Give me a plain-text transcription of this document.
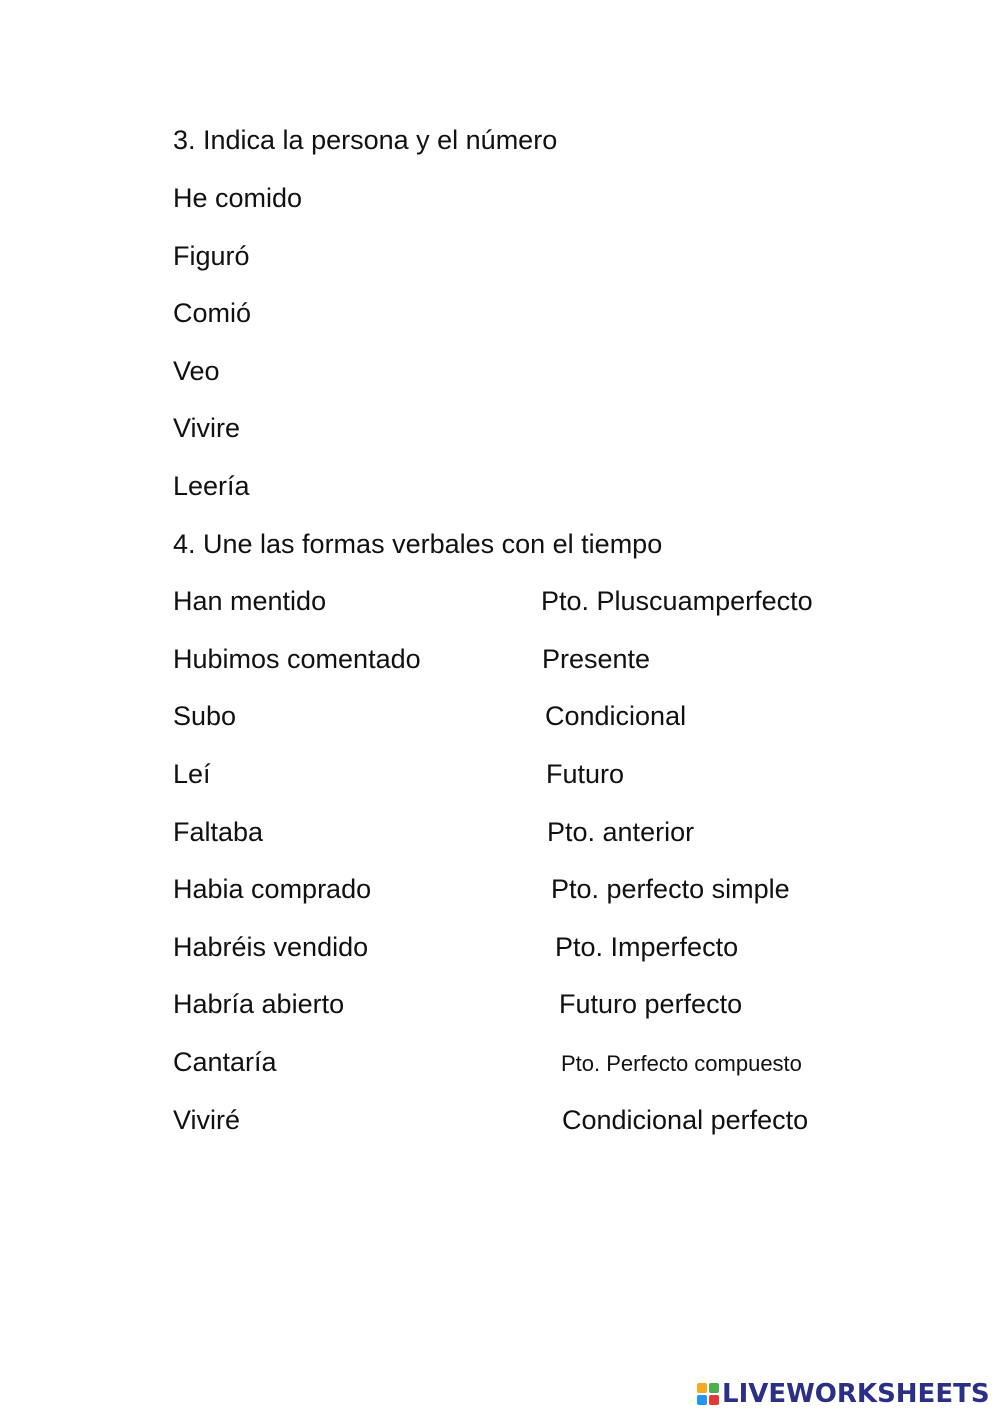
3. Indica la persona y el número
He comido
Figuró
Comió
Veo
Vivire
Leería
4. Une las formas verbales con el tiempo
Han mentido	Pto. Pluscuamperfecto
Hubimos comentado	Presente
Subo	Condicional
Leí	Futuro
Faltaba	Pto. anterior
Habia comprado	Pto. perfecto simple
Habréis vendido	Pto. Imperfecto
Habría abierto	Futuro perfecto
Cantaría	Pto. Perfecto compuesto
Viviré	Condicional perfecto
LIVEWORKSHEETS
